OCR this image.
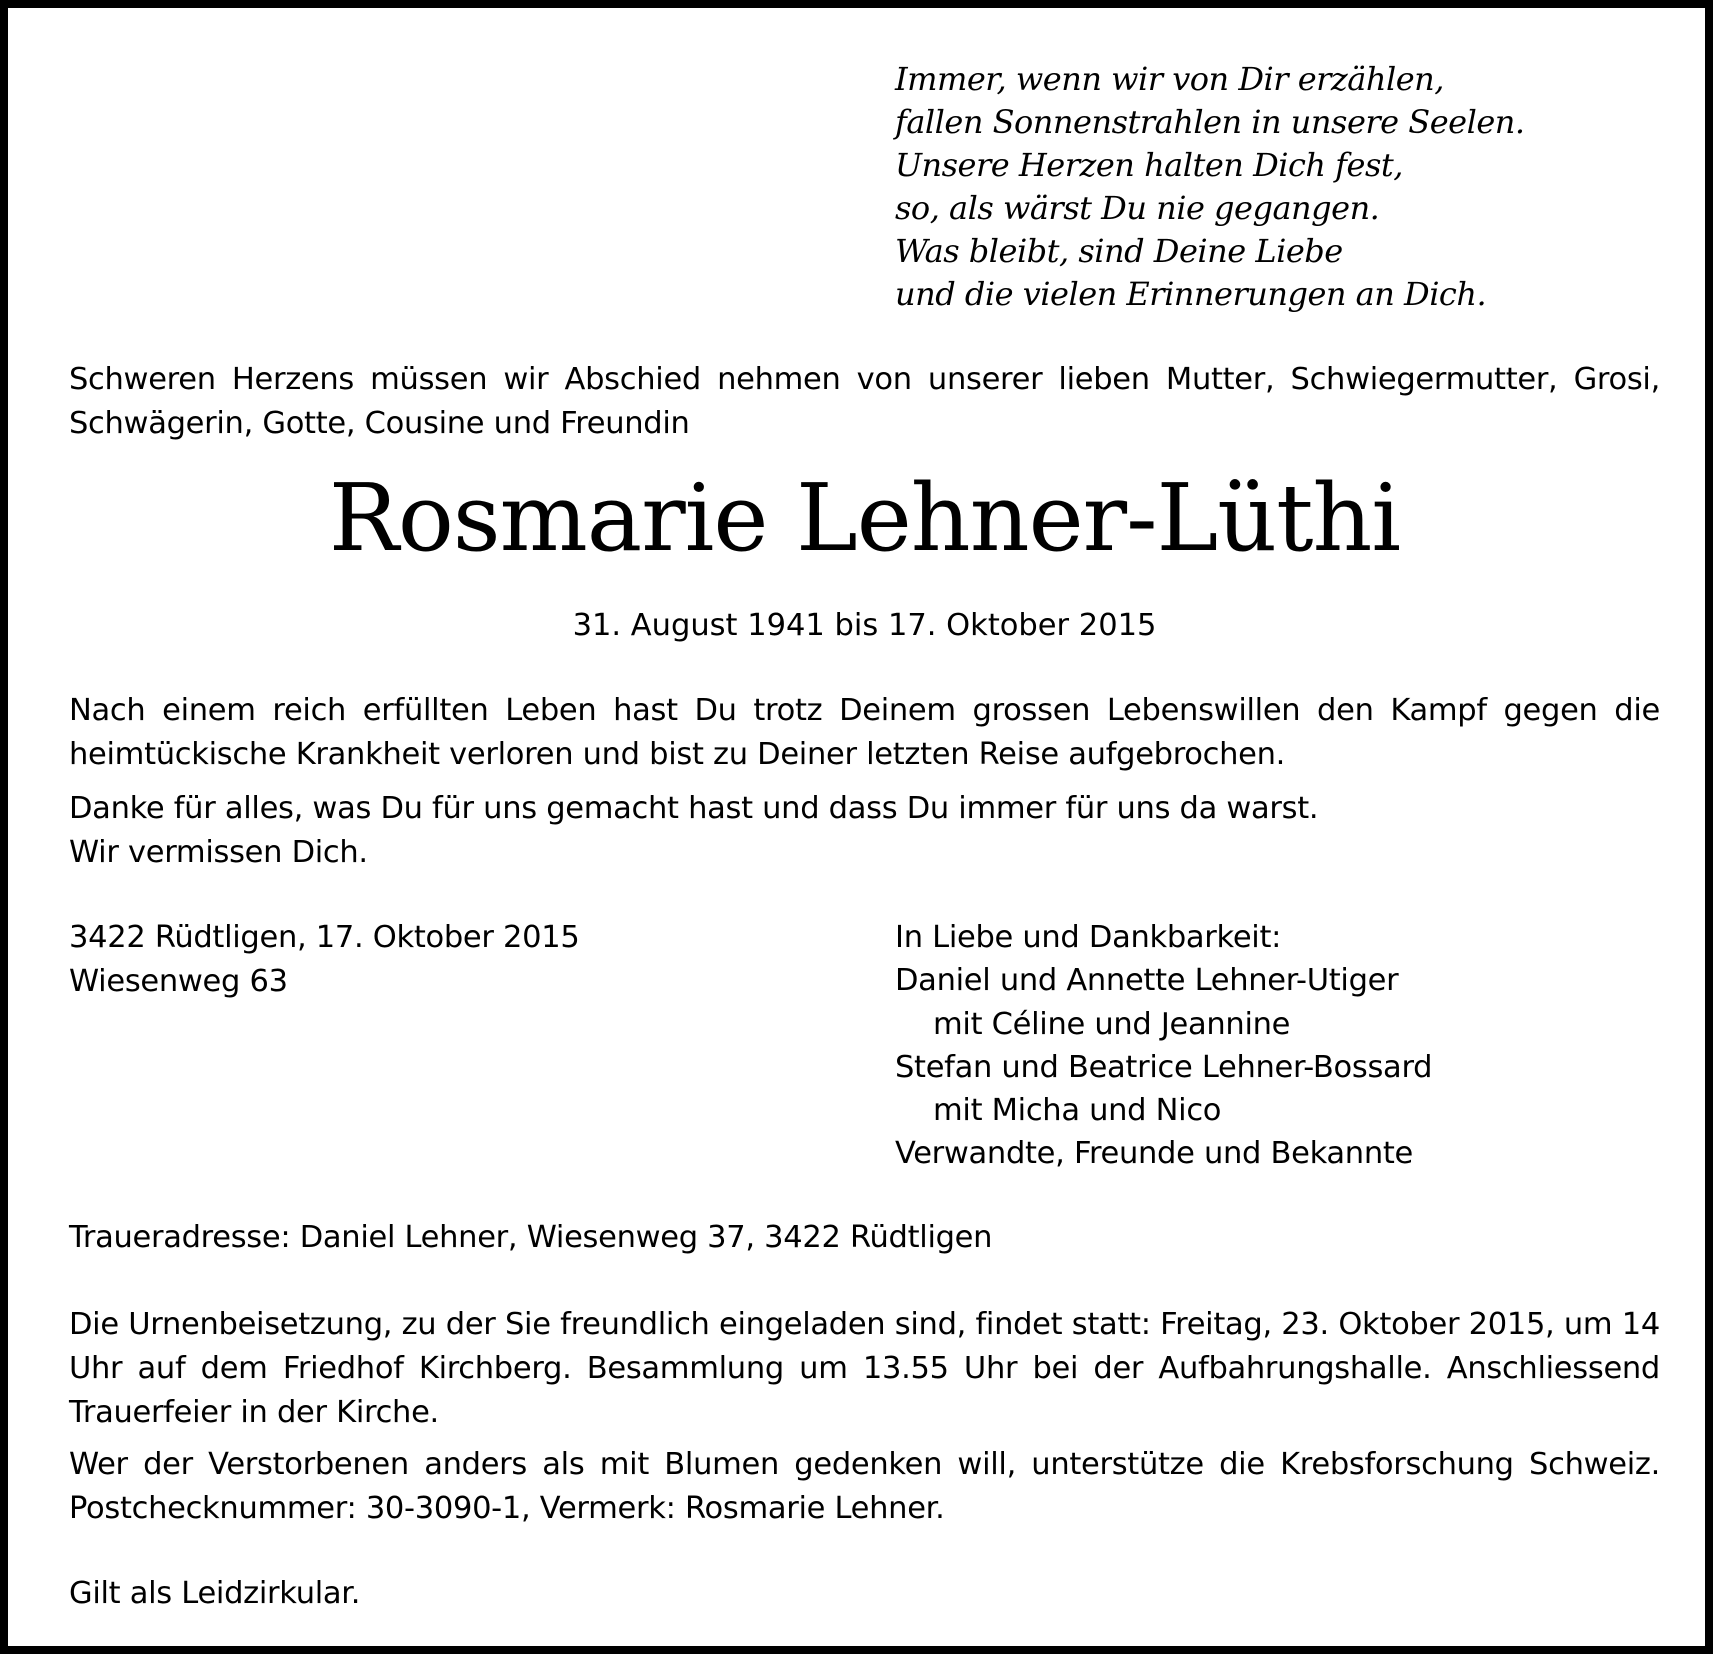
Immer, wenn wir von Dir erzählen,
fallen Sonnenstrahlen in unsere Seelen.
Unsere Herzen halten Dich fest,
so, als wärst Du nie gegangen.
Was bleibt, sind Deine Liebe
und die vielen Erinnerungen an Dich.
Schweren Herzens müssen wir Abschied nehmen von unserer lieben Mutter, Schwiegermutter, Grosi, Schwägerin, Gotte, Cousine und Freundin
Rosmarie Lehner-Lüthi
31. August 1941 bis 17. Oktober 2015
Nach einem reich erfüllten Leben hast Du trotz Deinem grossen Lebenswillen den Kampf gegen die heimtückische Krankheit verloren und bist zu Deiner letzten Reise aufgebrochen.
Danke für alles, was Du für uns gemacht hast und dass Du immer für uns da warst.
Wir vermissen Dich.
3422 Rüdtligen, 17. Oktober 2015
Wiesenweg 63
In Liebe und Dankbarkeit:
Daniel und Annette Lehner-Utiger
mit Céline und Jeannine
Stefan und Beatrice Lehner-Bossard
mit Micha und Nico
Verwandte, Freunde und Bekannte
Traueradresse: Daniel Lehner, Wiesenweg 37, 3422 Rüdtligen
Die Urnenbeisetzung, zu der Sie freundlich eingeladen sind, findet statt: Freitag, 23. Oktober 2015, um 14 Uhr auf dem Friedhof Kirchberg. Besammlung um 13.55 Uhr bei der Aufbahrungshalle. Anschliessend Trauerfeier in der Kirche.
Wer der Verstorbenen anders als mit Blumen gedenken will, unterstütze die Krebsforschung Schweiz.
Postchecknummer: 30-3090-1, Vermerk: Rosmarie Lehner.
Gilt als Leidzirkular.
